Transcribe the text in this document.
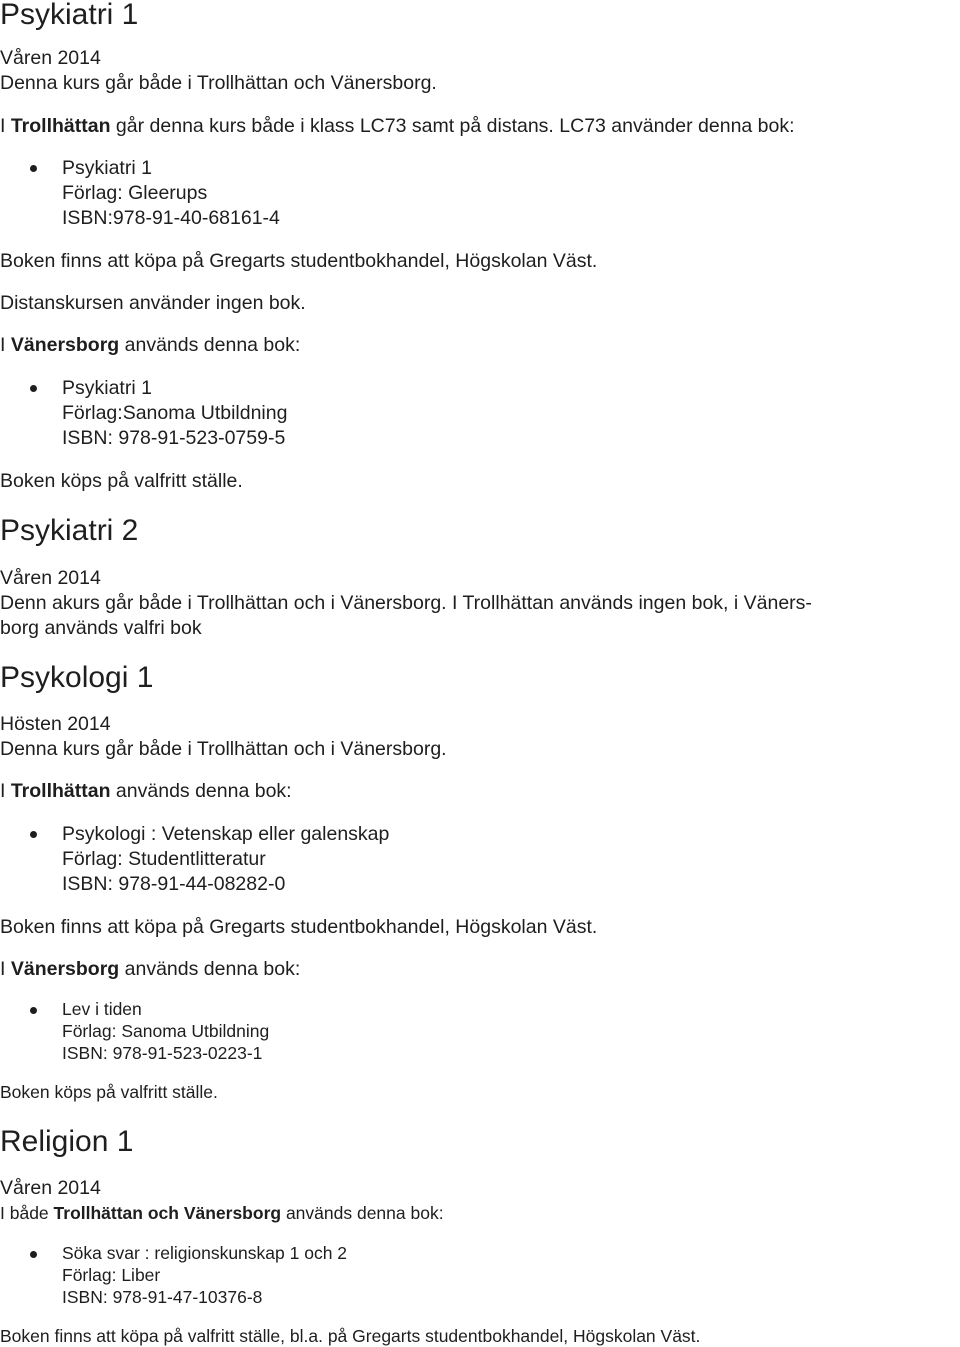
Psykiatri 1
Våren 2014
Denna kurs går både i Trollhättan och Vänersborg.
I Trollhättan går denna kurs både i klass LC73 samt på distans. LC73 använder denna bok:
Psykiatri 1
Förlag: Gleerups
ISBN:978-91-40-68161-4
Boken finns att köpa på Gregarts studentbokhandel, Högskolan Väst.
Distanskursen använder ingen bok.
I Vänersborg används denna bok:
Psykiatri 1
Förlag:Sanoma Utbildning
ISBN: 978-91-523-0759-5
Boken köps på valfritt ställe.
Psykiatri 2
Våren 2014
Denn akurs går både i Trollhättan och i Vänersborg. I Trollhättan används ingen bok, i Väners-
borg används valfri bok
Psykologi 1
Hösten 2014
Denna kurs går både i Trollhättan och i Vänersborg.
I Trollhättan används denna bok:
Psykologi : Vetenskap eller galenskap
Förlag: Studentlitteratur
ISBN: 978-91-44-08282-0
Boken finns att köpa på Gregarts studentbokhandel, Högskolan Väst.
I Vänersborg används denna bok:
Lev i tiden
Förlag: Sanoma Utbildning
ISBN: 978-91-523-0223-1
Boken köps på valfritt ställe.
Religion 1
Våren 2014
I både Trollhättan och Vänersborg används denna bok:
Söka svar : religionskunskap 1 och 2
Förlag: Liber
ISBN: 978-91-47-10376-8
Boken finns att köpa på valfritt ställe, bl.a. på Gregarts studentbokhandel, Högskolan Väst.
